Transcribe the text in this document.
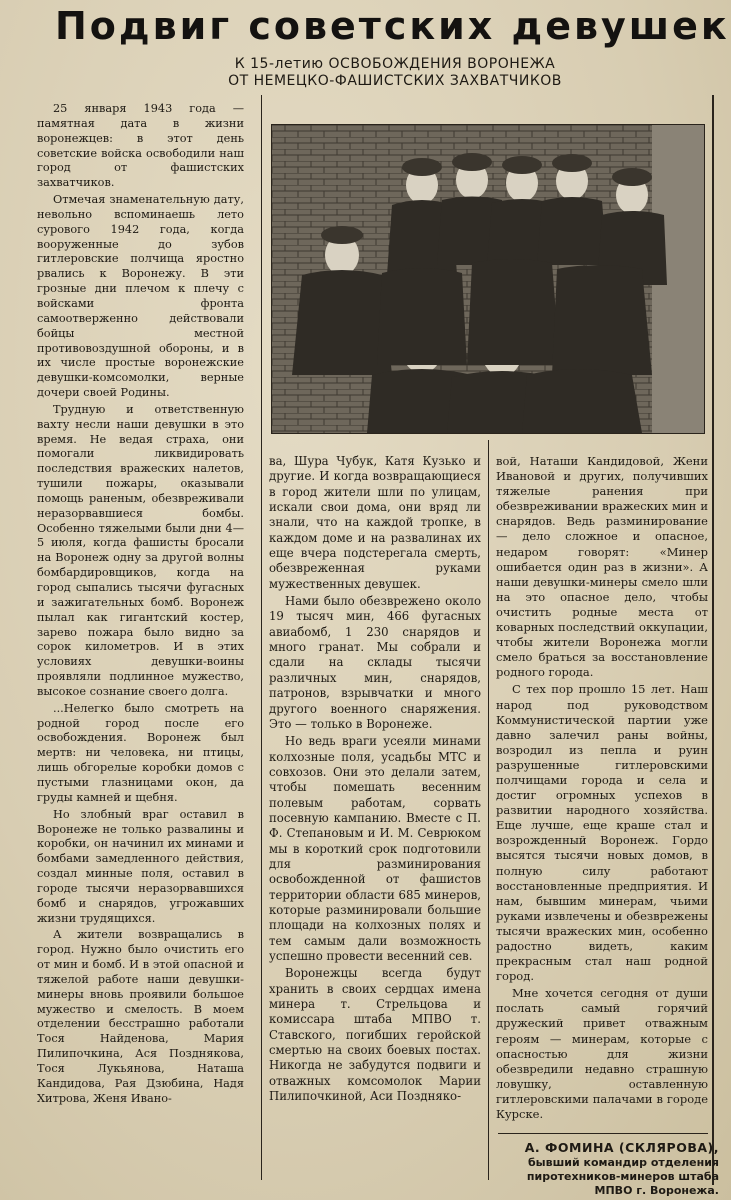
Подвиг советских девушек
К 15-летию ОСВОБОЖДЕНИЯ ВОРОНЕЖА
ОТ НЕМЕЦКО-ФАШИСТСКИХ ЗАХВАТЧИКОВ

25 января 1943 года — памятная дата в жизни воронежцев: в этот день советские войска освободили наш город от фашистских захватчиков.

Отмечая знаменательную дату, невольно вспоминаешь лето сурового 1942 года, когда вооруженные до зубов гитлеровские полчища яростно рвались к Воронежу. В эти грозные дни плечом к плечу с войсками фронта самоотверженно действовали бойцы местной противовоздушной обороны, и в их числе простые воронежские девушки-комсомолки, верные дочери своей Родины.

Трудную и ответственную вахту несли наши девушки в это время. Не ведая страха, они помогали ликвидировать последствия вражеских налетов, тушили пожары, оказывали помощь раненым, обезвреживали неразорвавшиеся бомбы. Особенно тяжелыми были дни 4—5 июля, когда фашисты бросали на Воронеж одну за другой волны бомбардировщиков, когда на город сыпались тысячи фугасных и зажигательных бомб. Воронеж пылал как гигантский костер, зарево пожара было видно за сорок километров. И в этих условиях девушки-воины проявляли подлинное мужество, высокое сознание своего долга.

...Нелегко было смотреть на родной город после его освобождения. Воронеж был мертв: ни человека, ни птицы, лишь обгорелые коробки домов с пустыми глазницами окон, да груды камней и щебня.

Но злобный враг оставил в Воронеже не только развалины и коробки, он начинил их минами и бомбами замедленного действия, создал минные поля, оставил в городе тысячи неразорвавшихся бомб и снарядов, угрожавших жизни трудящихся.

А жители возвращались в город. Нужно было очистить его от мин и бомб. И в этой опасной и тяжелой работе наши девушки-минеры вновь проявили большое мужество и смелость. В моем отделении бесстрашно работали Тося Найденова, Мария Пилипочкина, Ася Позднякова, Тося Лукьянова, Наташа Кандидова, Рая Дзюбина, Надя Хитрова, Женя Ивано-

ва, Шура Чубук, Катя Кузько и другие. И когда возвращающиеся в город жители шли по улицам, искали свои дома, они вряд ли знали, что на каждой тропке, в каждом доме и на развалинах их еще вчера подстерегала смерть, обезвреженная руками мужественных девушек.

Нами было обезврежено около 19 тысяч мин, 466 фугасных авиабомб, 1 230 снарядов и много гранат. Мы собрали и сдали на склады тысячи различных мин, снарядов, патронов, взрывчатки и много другого военного снаряжения. Это — только в Воронеже.

Но ведь враги усеяли минами колхозные поля, усадьбы МТС и совхозов. Они это делали затем, чтобы помешать весенним полевым работам, сорвать посевную кампанию. Вместе с П. Ф. Степановым и И. М. Севрюком мы в короткий срок подготовили для разминирования освобожденной от фашистов территории области 685 минеров, которые разминировали большие площади на колхозных полях и тем самым дали возможность успешно провести весенний сев.

Воронежцы всегда будут хранить в своих сердцах имена минера т. Стрельцова и комиссара штаба МПВО т. Ставского, погибших геройской смертью на своих боевых постах. Никогда не забудутся подвиги и отважных комсомолок Марии Пилипочкиной, Аси Поздняко-

вой, Наташи Кандидовой, Жени Ивановой и других, получивших тяжелые ранения при обезвреживании вражеских мин и снарядов. Ведь разминирование — дело сложное и опасное, недаром говорят: «Минер ошибается один раз в жизни». А наши девушки-минеры смело шли на это опасное дело, чтобы очистить родные места от коварных последствий оккупации, чтобы жители Воронежа могли смело браться за восстановление родного города.

С тех пор прошло 15 лет. Наш народ под руководством Коммунистической партии уже давно залечил раны войны, возродил из пепла и руин разрушенные гитлеровскими полчищами города и села и достиг огромных успехов в развитии народного хозяйства. Еще лучше, еще краше стал и возрожденный Воронеж. Гордо высятся тысячи новых домов, в полную силу работают восстановленные предприятия. И нам, бывшим минерам, чьими руками извлечены и обезврежены тысячи вражеских мин, особенно радостно видеть, каким прекрасным стал наш родной город.

Мне хочется сегодня от души послать самый горячий дружеский привет отважным героям — минерам, которые с опасностью для жизни обезвредили недавно страшную ловушку, оставленную гитлеровскими палачами в городе Курске.

А. ФОМИНА (СКЛЯРОВА),
бывший командир отделения
пиротехников-минеров штаба
МПВО г. Воронежа.
